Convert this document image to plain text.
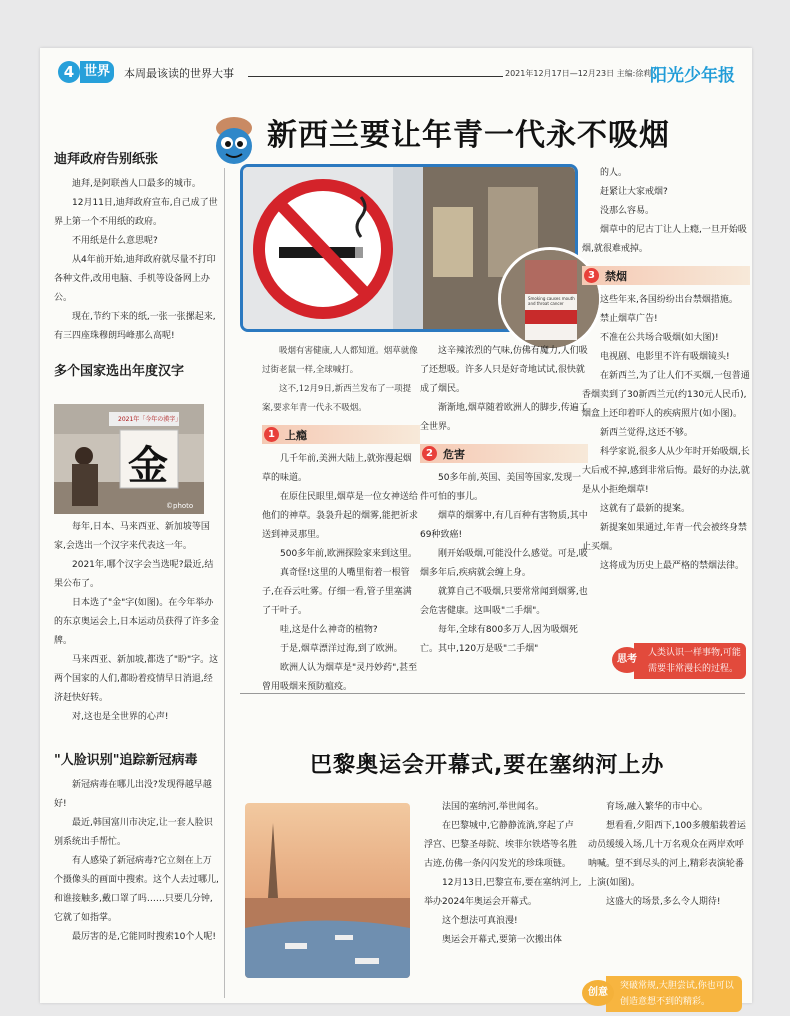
4 世界	本周最该读的世界大事	2021年12月17日—12月23日 主编:徐莉
阳光少年报
迪拜政府告别纸张

迪拜,是阿联酋人口最多的城市。

12月11日,迪拜政府宣布,自己成了世界上第一个不用纸的政府。

不用纸是什么意思呢?

从4年前开始,迪拜政府就尽量不打印各种文件,改用电脑、手机等设备网上办公。

现在,节约下来的纸,一张一张摞起来,有三四座珠穆朗玛峰那么高呢!

多个国家选出年度汉字
2021年「今年の漢字」
金
©photo

每年,日本、马来西亚、新加坡等国家,会选出一个汉字来代表这一年。

2021年,哪个汉字会当选呢?最近,结果公布了。

日本选了"金"字(如图)。在今年举办的东京奥运会上,日本运动员获得了许多金牌。

马来西亚、新加坡,都选了"盼"字。这两个国家的人们,都盼着疫情早日消退,经济赶快好转。

对,这也是全世界的心声!

"人脸识别"追踪新冠病毒

新冠病毒在哪儿出没?发现得越早越好!

最近,韩国富川市决定,让一套人脸识别系统出手帮忙。

有人感染了新冠病毒?它立刻在上万个摄像头的画面中搜索。这个人去过哪儿,和谁接触多,戴口罩了吗……只要几分钟,它就了如指掌。

最厉害的是,它能同时搜索10个人呢!

新西兰要让年青一代永不吸烟
Smoking causes mouth and throat cancer

吸烟有害健康,人人都知道。烟草就像过街老鼠一样,全球喊打。

这不,12月9日,新西兰发布了一项提案,要求年青一代永不吸烟。

1 上瘾

几千年前,美洲大陆上,就弥漫起烟草的味道。

在原住民眼里,烟草是一位女神送给他们的神草。袅袅升起的烟雾,能把祈求送到神灵那里。

500多年前,欧洲探险家来到这里。

真奇怪!这里的人嘴里衔着一根管子,在吞云吐雾。仔细一看,管子里塞满了干叶子。

哇,这是什么神奇的植物?

于是,烟草漂洋过海,到了欧洲。

欧洲人认为烟草是"灵丹妙药",甚至曾用吸烟来预防瘟疫。

这辛辣浓烈的气味,仿佛有魔力,人们吸了还想吸。许多人只是好奇地试试,很快就成了烟民。

渐渐地,烟草随着欧洲人的脚步,传遍了全世界。

2 危害

50多年前,英国、美国等国家,发现一件可怕的事儿。

烟草的烟雾中,有几百种有害物质,其中69种致癌!

刚开始吸烟,可能没什么感觉。可是,吸烟多年后,疾病就会缠上身。

就算自己不吸烟,只要常常闻到烟雾,也会危害健康。这叫吸"二手烟"。

每年,全球有800多万人,因为吸烟死亡。其中,120万是吸"二手烟"

的人。

赶紧让大家戒烟?

没那么容易。

烟草中的尼古丁让人上瘾,一旦开始吸烟,就很难戒掉。

3 禁烟

这些年来,各国纷纷出台禁烟措施。

禁止烟草广告!

不准在公共场合吸烟(如大图)!

电视剧、电影里不许有吸烟镜头!

在新西兰,为了让人们不买烟,一包普通香烟卖到了30新西兰元(约130元人民币),烟盒上还印着吓人的疾病照片(如小图)。

新西兰觉得,这还不够。

科学家说,很多人从少年时开始吸烟,长大后戒不掉,感到非常后悔。最好的办法,就是从小拒绝烟草!

这就有了最新的提案。

新提案如果通过,年青一代会被终身禁止买烟。

这将成为历史上最严格的禁烟法律。

人类认识一样事物,可能需要非常漫长的过程。
思考
巴黎奥运会开幕式,要在塞纳河上办

法国的塞纳河,举世闻名。

在巴黎城中,它静静流淌,穿起了卢浮宫、巴黎圣母院、埃菲尔铁塔等名胜古迹,仿佛一条闪闪发光的珍珠项链。

12月13日,巴黎宣布,要在塞纳河上,举办2024年奥运会开幕式。

这个想法可真浪漫!

奥运会开幕式,要第一次搬出体

育场,融入繁华的市中心。

想看看,夕阳西下,100多艘船载着运动员缓缓入场,几十万名观众在两岸欢呼呐喊。望不到尽头的河上,精彩表演轮番上演(如图)。

这盛大的场景,多么令人期待!

突破常规,大胆尝试,你也可以创造意想不到的精彩。
创意
